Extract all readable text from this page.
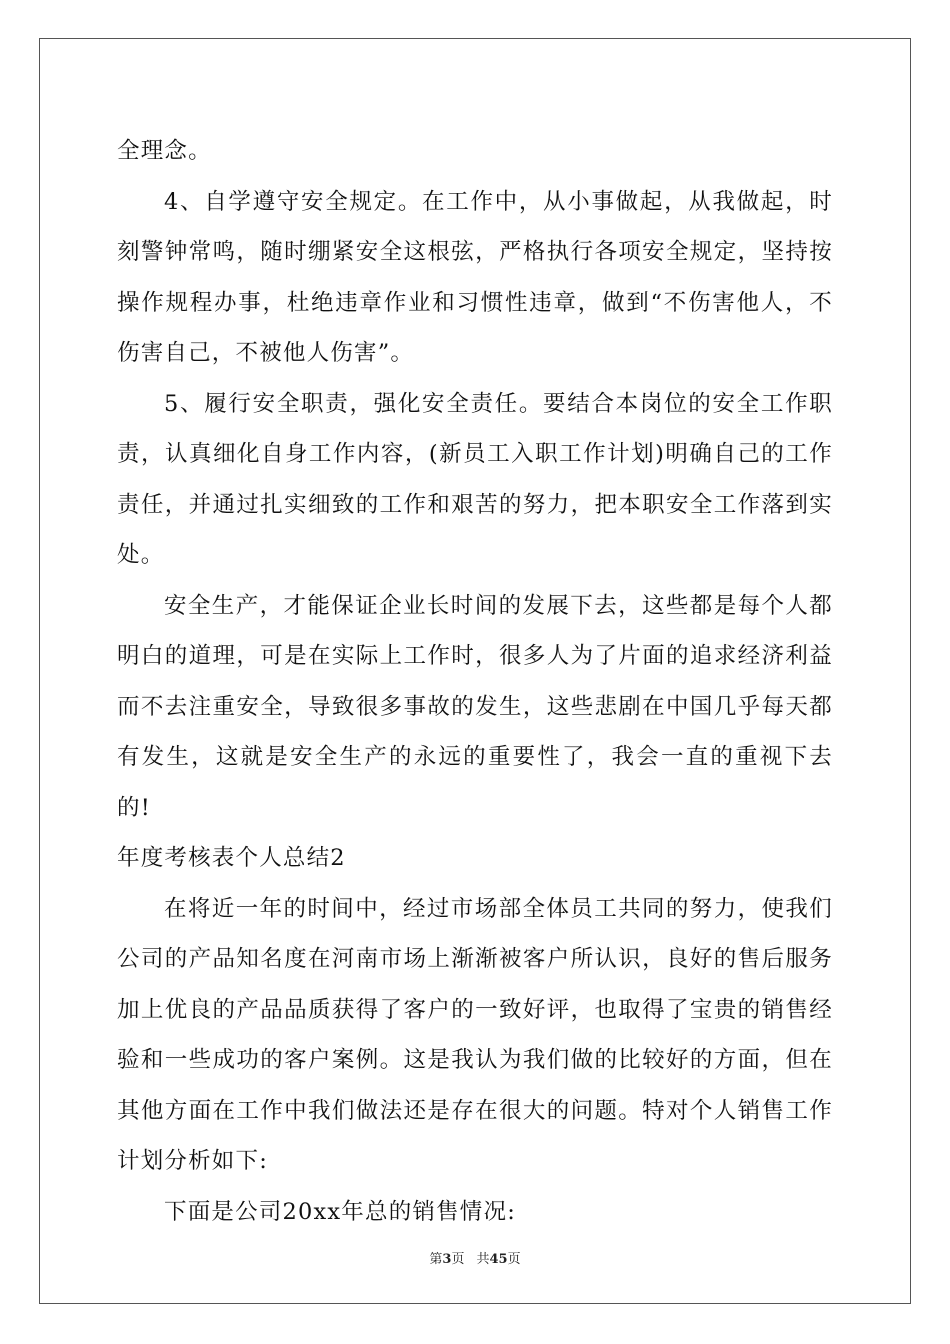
全理念。

4、自学遵守安全规定。在工作中，从小事做起，从我做起，时刻警钟常鸣，随时绷紧安全这根弦，严格执行各项安全规定，坚持按操作规程办事，杜绝违章作业和习惯性违章，做到“不伤害他人，不伤害自己，不被他人伤害”。

5、履行安全职责，强化安全责任。要结合本岗位的安全工作职责，认真细化自身工作内容，(新员工入职工作计划)明确自己的工作责任，并通过扎实细致的工作和艰苦的努力，把本职安全工作落到实处。

安全生产，才能保证企业长时间的发展下去，这些都是每个人都明白的道理，可是在实际上工作时，很多人为了片面的追求经济利益而不去注重安全，导致很多事故的发生，这些悲剧在中国几乎每天都有发生，这就是安全生产的永远的重要性了，我会一直的重视下去的!

年度考核表个人总结2

在将近一年的时间中，经过市场部全体员工共同的努力，使我们公司的产品知名度在河南市场上渐渐被客户所认识，良好的售后服务加上优良的产品品质获得了客户的一致好评，也取得了宝贵的销售经验和一些成功的客户案例。这是我认为我们做的比较好的方面，但在其他方面在工作中我们做法还是存在很大的问题。特对个人销售工作计划分析如下:

下面是公司20xx年总的销售情况:

第3页 共45页
